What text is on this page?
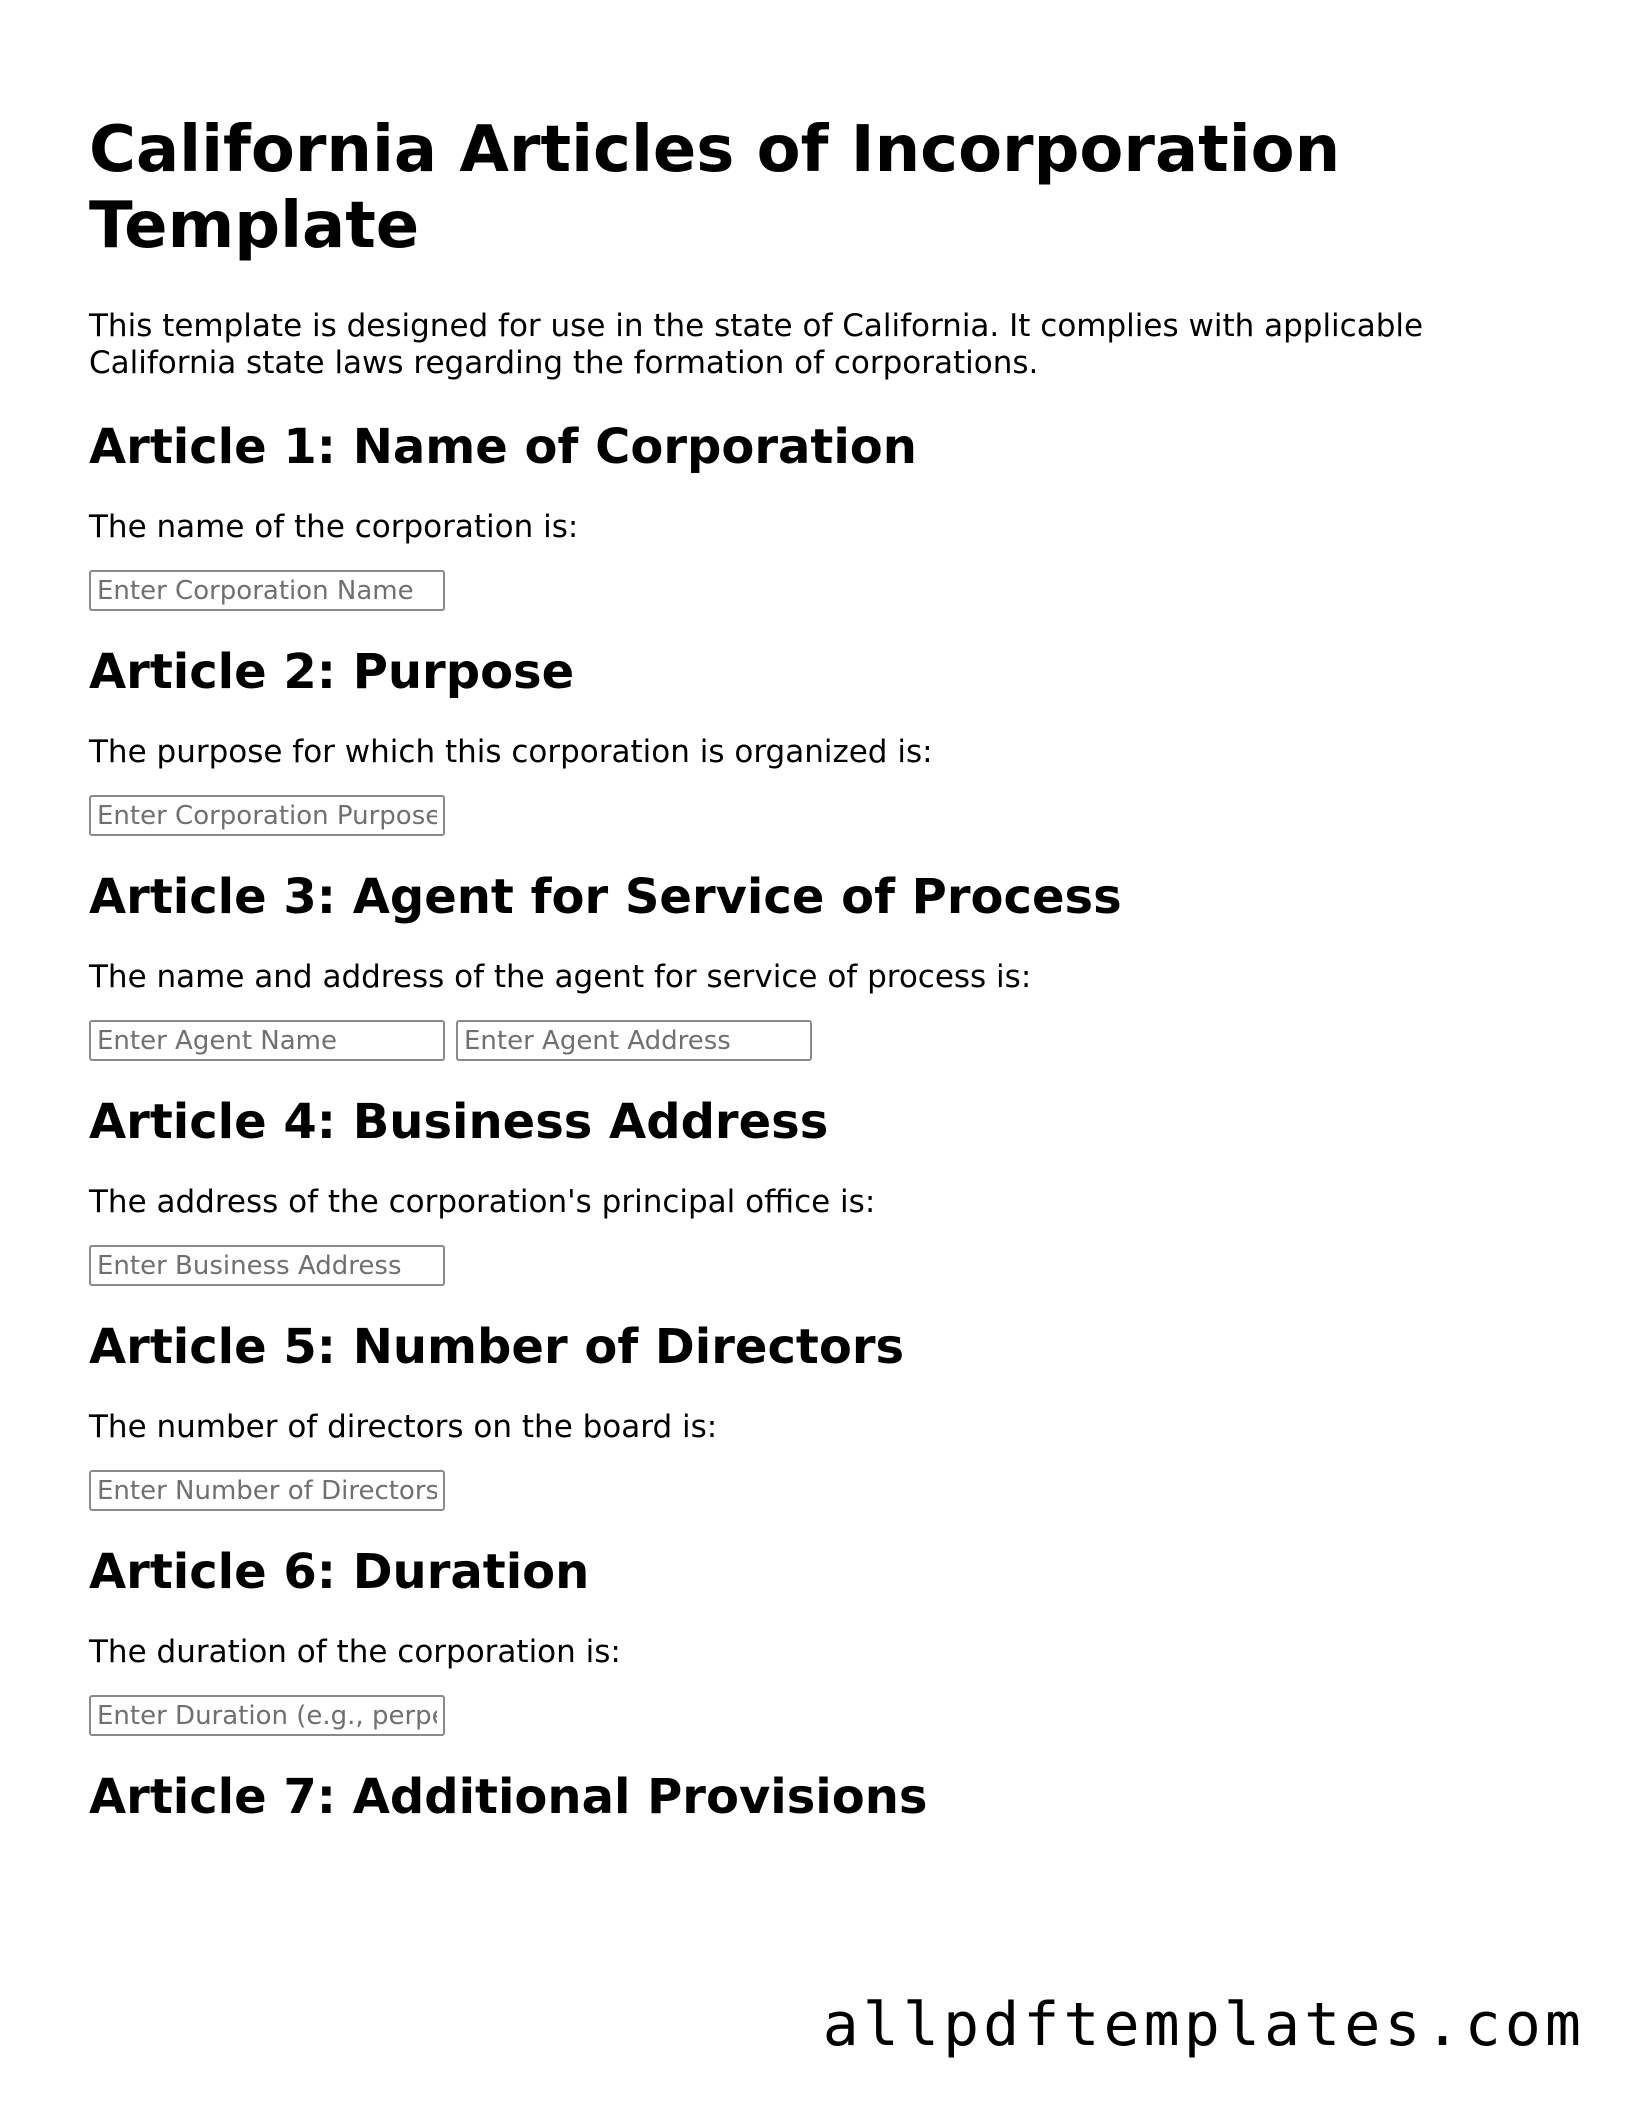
California Articles of Incorporation Template

This template is designed for use in the state of California. It complies with applicable California state laws regarding the formation of corporations.

Article 1: Name of Corporation

The name of the corporation is:

Enter Corporation Name
Article 2: Purpose

The purpose for which this corporation is organized is:

Enter Corporation Purpose
Article 3: Agent for Service of Process

The name and address of the agent for service of process is:

Enter Agent Name
Enter Agent Address
Article 4: Business Address

The address of the corporation's principal office is:

Enter Business Address
Article 5: Number of Directors

The number of directors on the board is:

Enter Number of Directors
Article 6: Duration

The duration of the corporation is:

Enter Duration (e.g., perpetual)
Article 7: Additional Provisions
allpdftemplates.com
